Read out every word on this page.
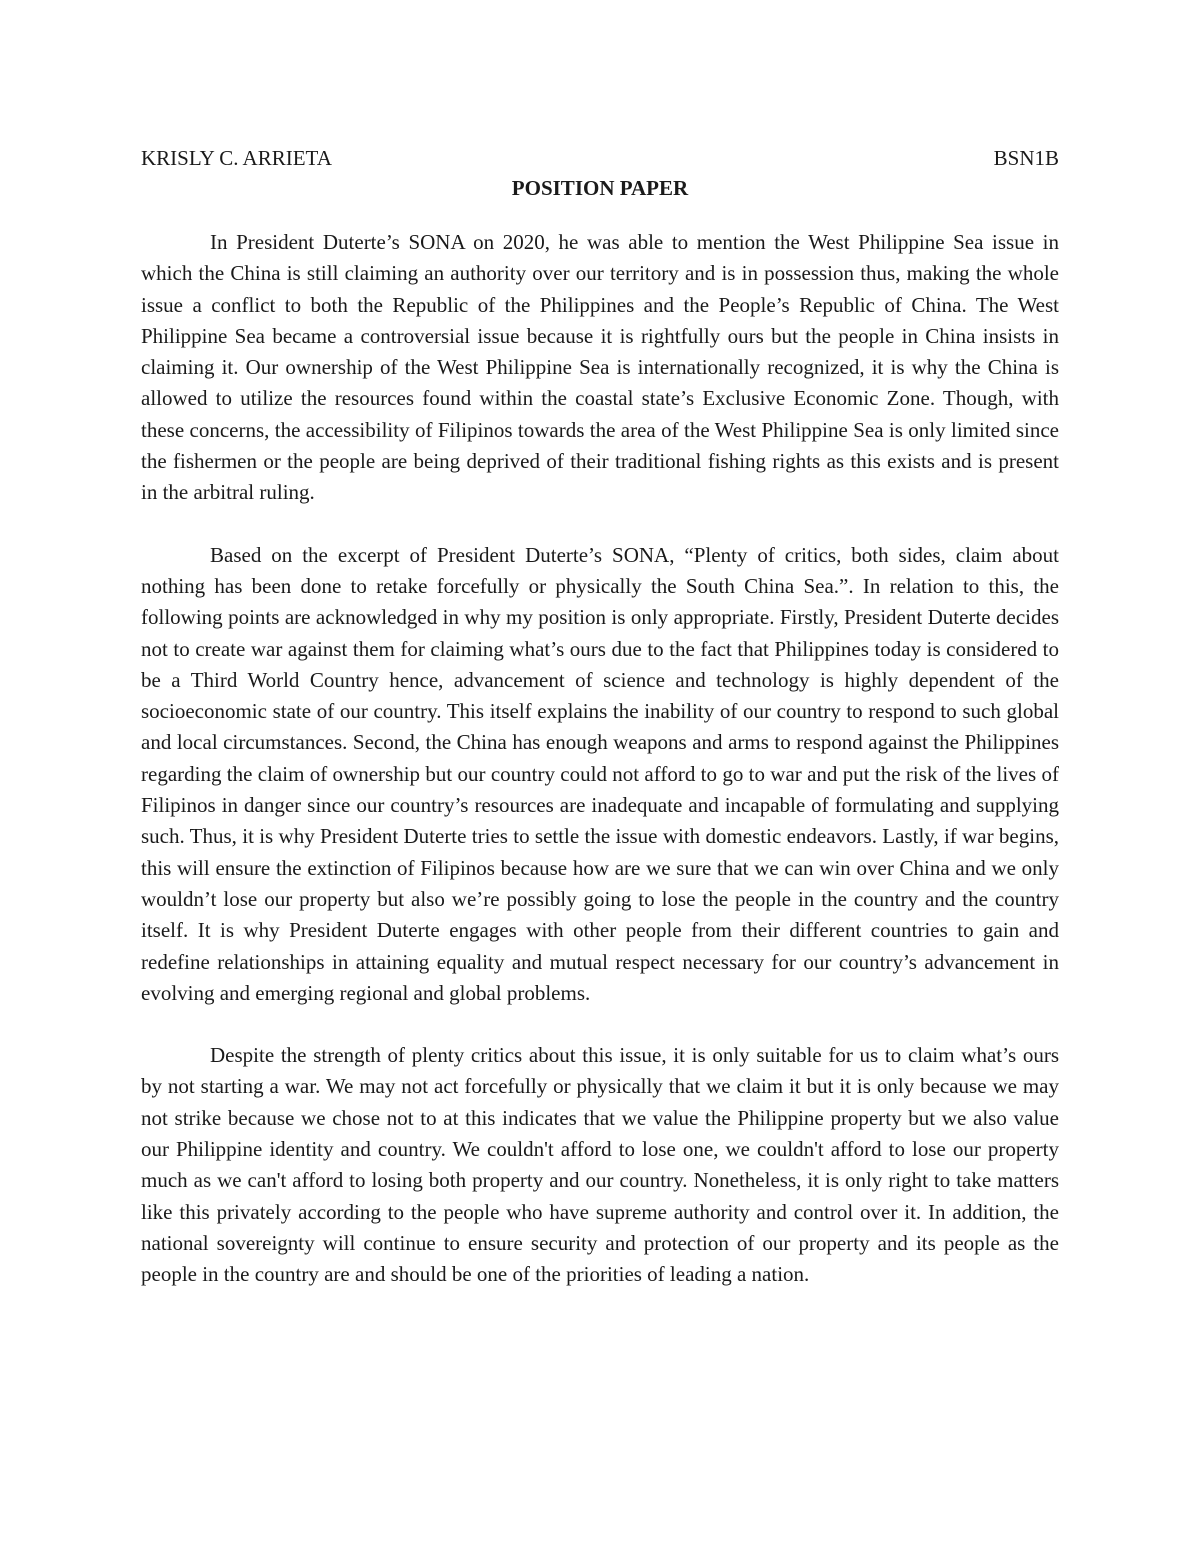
KRISLY C. ARRIETA	BSN1B
POSITION PAPER

In President Duterte’s SONA on 2020, he was able to mention the West Philippine Sea issue in which the China is still claiming an authority over our territory and is in possession thus, making the whole issue a conflict to both the Republic of the Philippines and the People’s Republic of China. The West Philippine Sea became a controversial issue because it is rightfully ours but the people in China insists in claiming it. Our ownership of the West Philippine Sea is internationally recognized, it is why the China is allowed to utilize the resources found within the coastal state’s Exclusive Economic Zone. Though, with these concerns, the accessibility of Filipinos towards the area of the West Philippine Sea is only limited since the fishermen or the people are being deprived of their traditional fishing rights as this exists and is present in the arbitral ruling.

Based on the excerpt of President Duterte’s SONA, “Plenty of critics, both sides, claim about nothing has been done to retake forcefully or physically the South China Sea.”. In relation to this, the following points are acknowledged in why my position is only appropriate. Firstly, President Duterte decides not to create war against them for claiming what’s ours due to the fact that Philippines today is considered to be a Third World Country hence, advancement of science and technology is highly dependent of the socioeconomic state of our country. This itself explains the inability of our country to respond to such global and local circumstances. Second, the China has enough weapons and arms to respond against the Philippines regarding the claim of ownership but our country could not afford to go to war and put the risk of the lives of Filipinos in danger since our country’s resources are inadequate and incapable of formulating and supplying such. Thus, it is why President Duterte tries to settle the issue with domestic endeavors. Lastly, if war begins, this will ensure the extinction of Filipinos because how are we sure that we can win over China and we only wouldn’t lose our property but also we’re possibly going to lose the people in the country and the country itself. It is why President Duterte engages with other people from their different countries to gain and redefine relationships in attaining equality and mutual respect necessary for our country’s advancement in evolving and emerging regional and global problems.

Despite the strength of plenty critics about this issue, it is only suitable for us to claim what’s ours by not starting a war. We may not act forcefully or physically that we claim it but it is only because we may not strike because we chose not to at this indicates that we value the Philippine property but we also value our Philippine identity and country. We couldn't afford to lose one, we couldn't afford to lose our property much as we can't afford to losing both property and our country. Nonetheless, it is only right to take matters like this privately according to the people who have supreme authority and control over it. In addition, the national sovereignty will continue to ensure security and protection of our property and its people as the people in the country are and should be one of the priorities of leading a nation.
